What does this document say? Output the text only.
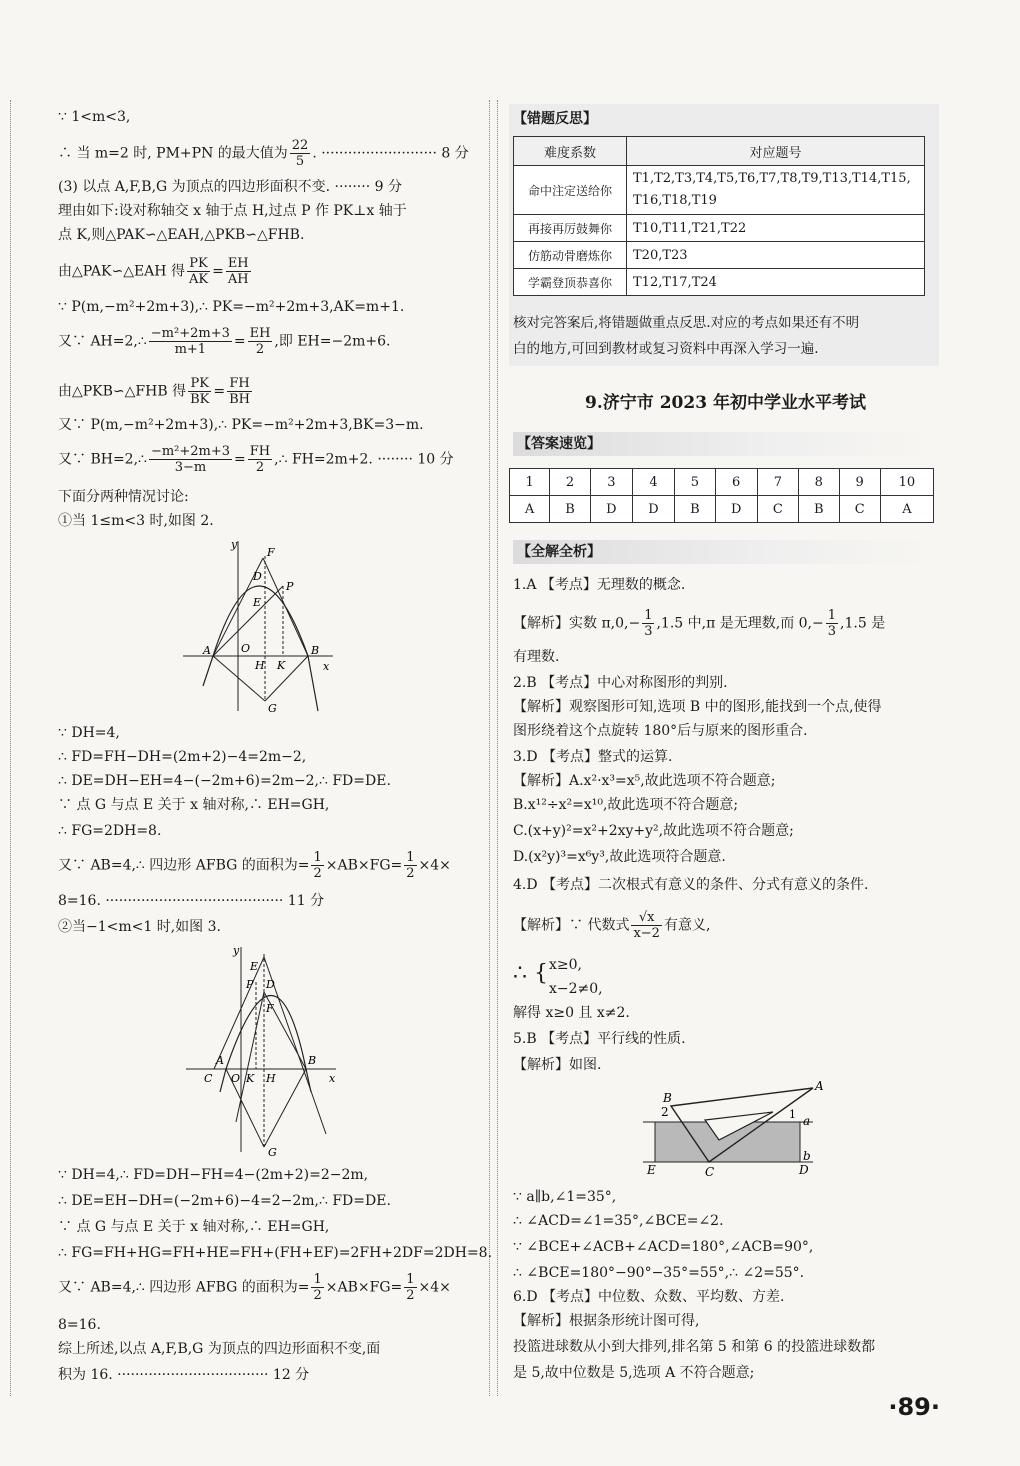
∵ 1<m<3,
∴ 当 m=2 时, PM+PN 的最大值为 $\frac{22}{5}$ . ·························· 8 分
(3) 以点 A,F,B,G 为顶点的四边形面积不变. ········ 9 分
理由如下:设对称轴交 x 轴于点 H,过点 P 作 PK⊥x 轴于
点 K,则△PAK∽△EAH,△PKB∽△FHB.
由△PAK∽△EAH 得 $\frac{PK}{AK} = \frac{EH}{AH}$
∵ P(m,−m²+2m+3),∴ PK=−m²+2m+3,AK=m+1.
又∵ AH=2,∴ $\frac{\text{−m²+2m+3}}{m+1} = \frac{EH}{2}$ ,即 EH=−2m+6.
由△PKB∽△FHB 得 $\frac{PK}{BK} = \frac{FH}{BH}$
又∵ P(m,−m²+2m+3),∴ PK=−m²+2m+3,BK=3−m.
又∵ BH=2,∴ $\frac{\text{−m²+2m+3}}{3-m} = \frac{FH}{2}$ ,∴ FH=2m+2. ········ 10 分
下面分两种情况讨论:
①当 1≤m<3 时,如图 2.
y
x
F
D
P
E
A	O
H K
B
G
∵ DH=4,
∴ FD=FH−DH=(2m+2)−4=2m−2,
∴ DE=DH−EH=4−(−2m+6)=2m−2,∴ FD=DE.
∵ 点 G 与点 E 关于 x 轴对称,∴ EH=GH,
∴ FG=2DH=8.
又∵ AB=4,∴ 四边形 AFBG 的面积为= $\frac{1}{2} \times AB\times FG= \frac{1}{2} \times 4\times$
8=16. ········································ 11 分
②当−1<m<1 时,如图 3.
y
x
E
P D
F
A
C O K H
B
G
∵ DH=4,∴ FD=DH−FH=4−(2m+2)=2−2m,
∴ DE=EH−DH=(−2m+6)−4=2−2m,∴ FD=DE.
∵ 点 G 与点 E 关于 x 轴对称,∴ EH=GH,
∴ FG=FH+HG=FH+HE=FH+(FH+EF)=2FH+2DF=2DH=8.
又∵ AB=4,∴ 四边形 AFBG 的面积为= $\frac{1}{2} \times AB\times FG= \frac{1}{2} \times 4\times$
8=16.
综上所述,以点 A,F,B,G 为顶点的四边形面积不变,面
积为 16. ·································· 12 分
【错题反思】
难度系数	对应题号
命中注定送给你	T1,T2,T3,T4,T5,T6,T7,T8,T9,T13,T14,T15,
T16,T18,T19
再接再厉鼓舞你	T10,T11,T21,T22
仿筋动骨磨炼你	T20,T23
学霸登顶恭喜你	T12,T17,T24
核对完答案后,将错题做重点反思.对应的考点如果还有不明
白的地方,可回到教材或复习资料中再深入学习一遍.
9.济宁市 2023 年初中学业水平考试
【答案速览】
1	2	3	4	5	6	7	8	9	10
A	B	D	D	B	D	C	B	C	A
【全解全析】
1.A 【考点】无理数的概念.
【解析】实数 $\pi,0,- \frac{1}{3} ,1.5$ 中,π 是无理数,而 $0,- \frac{1}{3} ,1.5$ 是
有理数.
2.B 【考点】中心对称图形的判别.
【解析】观察图形可知,选项 B 中的图形,能找到一个点,使得
图形绕着这个点旋转 180°后与原来的图形重合.
3.D 【考点】整式的运算.
【解析】A.x²·x³=x⁵,故此选项不符合题意;
B.x¹²÷x²=x¹⁰,故此选项不符合题意;
C.(x+y)²=x²+2xy+y²,故此选项不符合题意;
D.(x²y)³=x⁶y³,故此选项符合题意.
4.D 【考点】二次根式有意义的条件、分式有意义的条件.
【解析】∵ 代数式 $\frac{√x}{x-2}$ 有意义,
∴ { x≥0,
x−2≠0,
解得 x≥0 且 x≠2.
5.B 【考点】平行线的性质.
【解析】如图.
A
B
2	1 a
b
E	C	D
∵ a∥b,∠1=35°,
∴ ∠ACD=∠1=35°,∠BCE=∠2.
∵ ∠BCE+∠ACB+∠ACD=180°,∠ACB=90°,
∴ ∠BCE=180°−90°−35°=55°,∴ ∠2=55°.
6.D 【考点】中位数、众数、平均数、方差.
【解析】根据条形统计图可得,
投篮进球数从小到大排列,排名第 5 和第 6 的投篮进球数都
是 5,故中位数是 5,选项 A 不符合题意;
·89·
